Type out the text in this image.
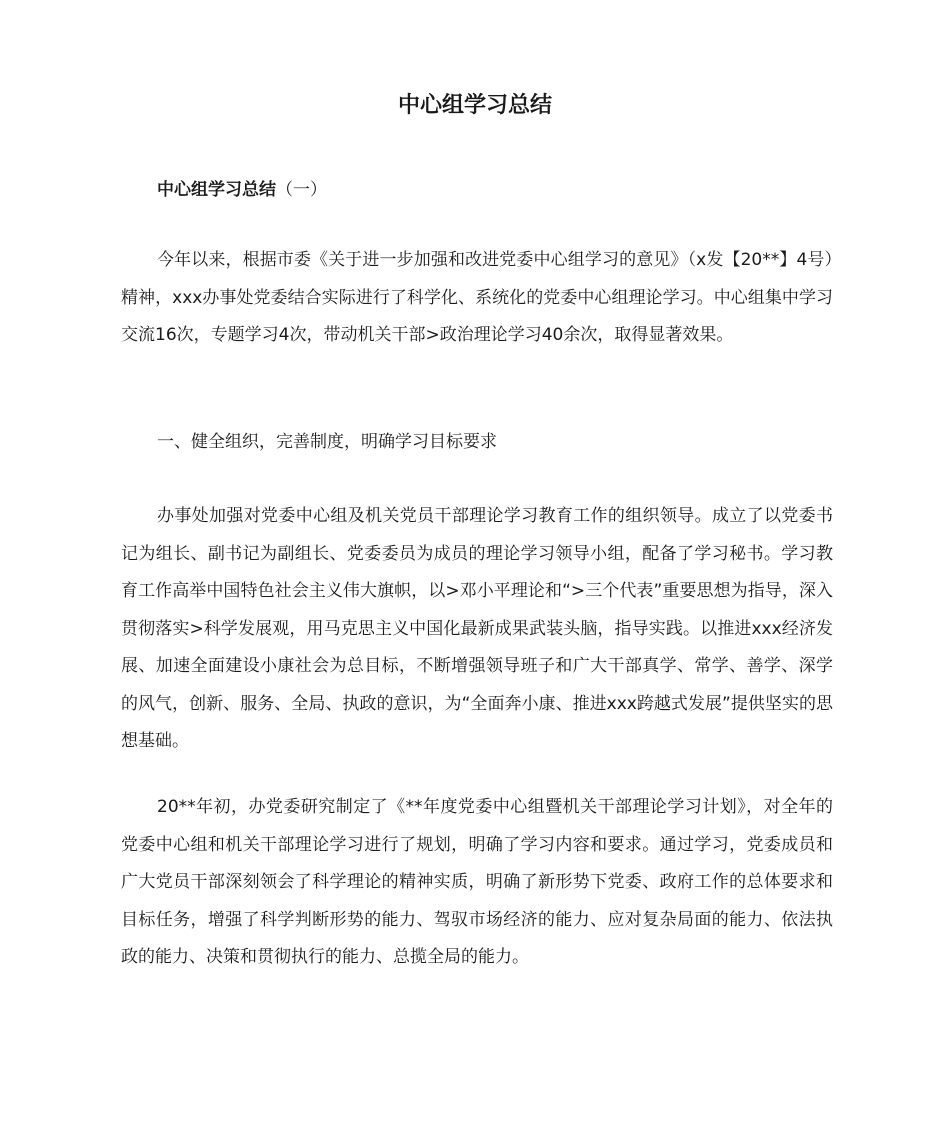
中心组学习总结

中心组学习总结（一）

今年以来，根据市委《关于进一步加强和改进党委中心组学习的意见》（x发【20**】4号）精神，xxx办事处党委结合实际进行了科学化、系统化的党委中心组理论学习。中心组集中学习交流16次，专题学习4次，带动机关干部>政治理论学习40余次，取得显著效果。

一、健全组织，完善制度，明确学习目标要求

办事处加强对党委中心组及机关党员干部理论学习教育工作的组织领导。成立了以党委书记为组长、副书记为副组长、党委委员为成员的理论学习领导小组，配备了学习秘书。学习教育工作高举中国特色社会主义伟大旗帜，以>邓小平理论和“>三个代表”重要思想为指导，深入贯彻落实>科学发展观，用马克思主义中国化最新成果武装头脑，指导实践。以推进xxx经济发展、加速全面建设小康社会为总目标，不断增强领导班子和广大干部真学、常学、善学、深学的风气，创新、服务、全局、执政的意识，为“全面奔小康、推进xxx跨越式发展”提供坚实的思想基础。

20**年初，办党委研究制定了《**年度党委中心组暨机关干部理论学习计划》，对全年的党委中心组和机关干部理论学习进行了规划，明确了学习内容和要求。通过学习，党委成员和广大党员干部深刻领会了科学理论的精神实质，明确了新形势下党委、政府工作的总体要求和目标任务，增强了科学判断形势的能力、驾驭市场经济的能力、应对复杂局面的能力、依法执政的能力、决策和贯彻执行的能力、总揽全局的能力。
